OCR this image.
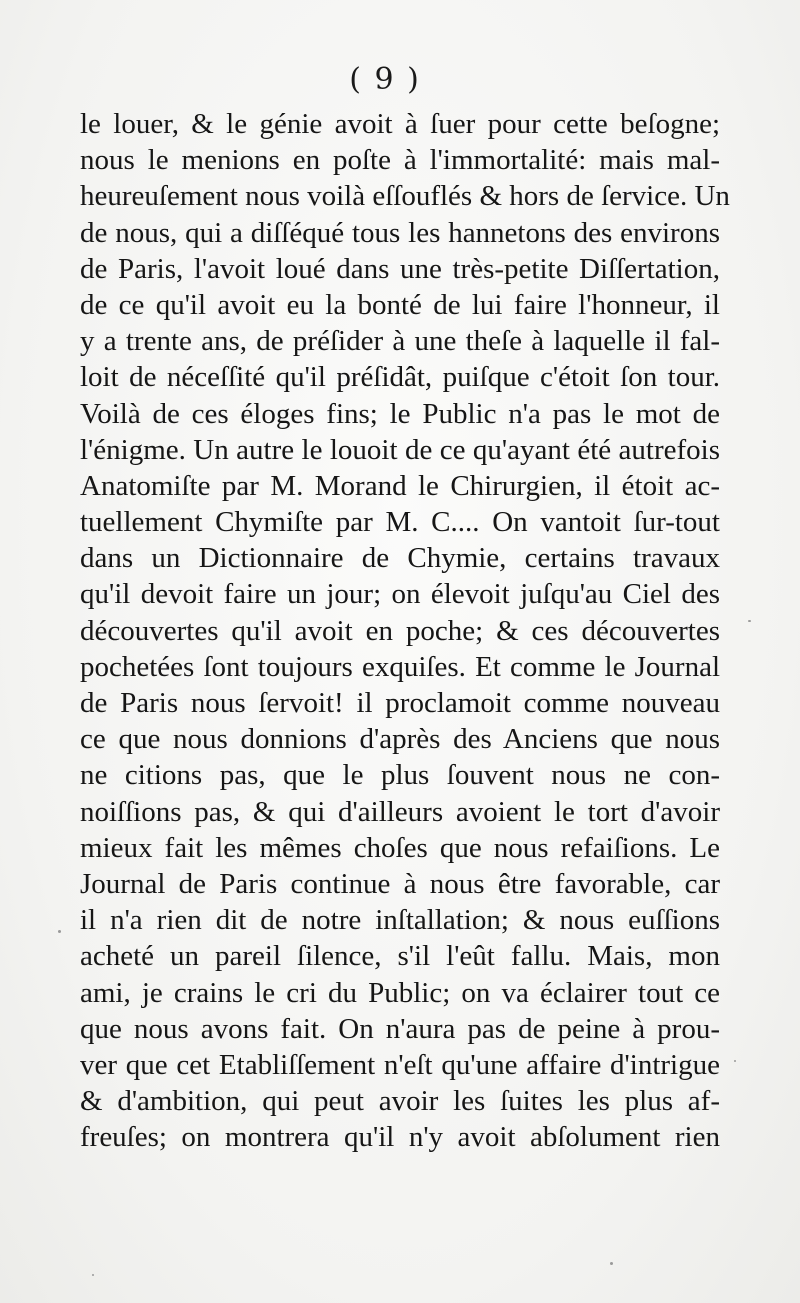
( 9 )
le louer, & le génie avoit à ſuer pour cette beſogne;
nous le menions en poſte à l'immortalité: mais mal-
heureuſement nous voilà eſſouflés & hors de ſervice. Un
de nous, qui a diſſéqué tous les hannetons des environs
de Paris, l'avoit loué dans une très-petite Diſſertation,
de ce qu'il avoit eu la bonté de lui faire l'honneur, il
y a trente ans, de préſider à une theſe à laquelle il fal-
loit de néceſſité qu'il préſidât, puiſque c'étoit ſon tour.
Voilà de ces éloges fins; le Public n'a pas le mot de
l'énigme. Un autre le louoit de ce qu'ayant été autrefois
Anatomiſte par M. Morand le Chirurgien, il étoit ac-
tuellement Chymiſte par M. C.... On vantoit ſur-tout
dans un Dictionnaire de Chymie, certains travaux
qu'il devoit faire un jour; on élevoit juſqu'au Ciel des
découvertes qu'il avoit en poche; & ces découvertes
pochetées ſont toujours exquiſes. Et comme le Journal
de Paris nous ſervoit! il proclamoit comme nouveau
ce que nous donnions d'après des Anciens que nous
ne citions pas, que le plus ſouvent nous ne con-
noiſſions pas, & qui d'ailleurs avoient le tort d'avoir
mieux fait les mêmes choſes que nous refaiſions. Le
Journal de Paris continue à nous être favorable, car
il n'a rien dit de notre inſtallation; & nous euſſions
acheté un pareil ſilence, s'il l'eût fallu. Mais, mon
ami, je crains le cri du Public; on va éclairer tout ce
que nous avons fait. On n'aura pas de peine à prou-
ver que cet Etabliſſement n'eſt qu'une affaire d'intrigue
& d'ambition, qui peut avoir les ſuites les plus af-
freuſes; on montrera qu'il n'y avoit abſolument rien
